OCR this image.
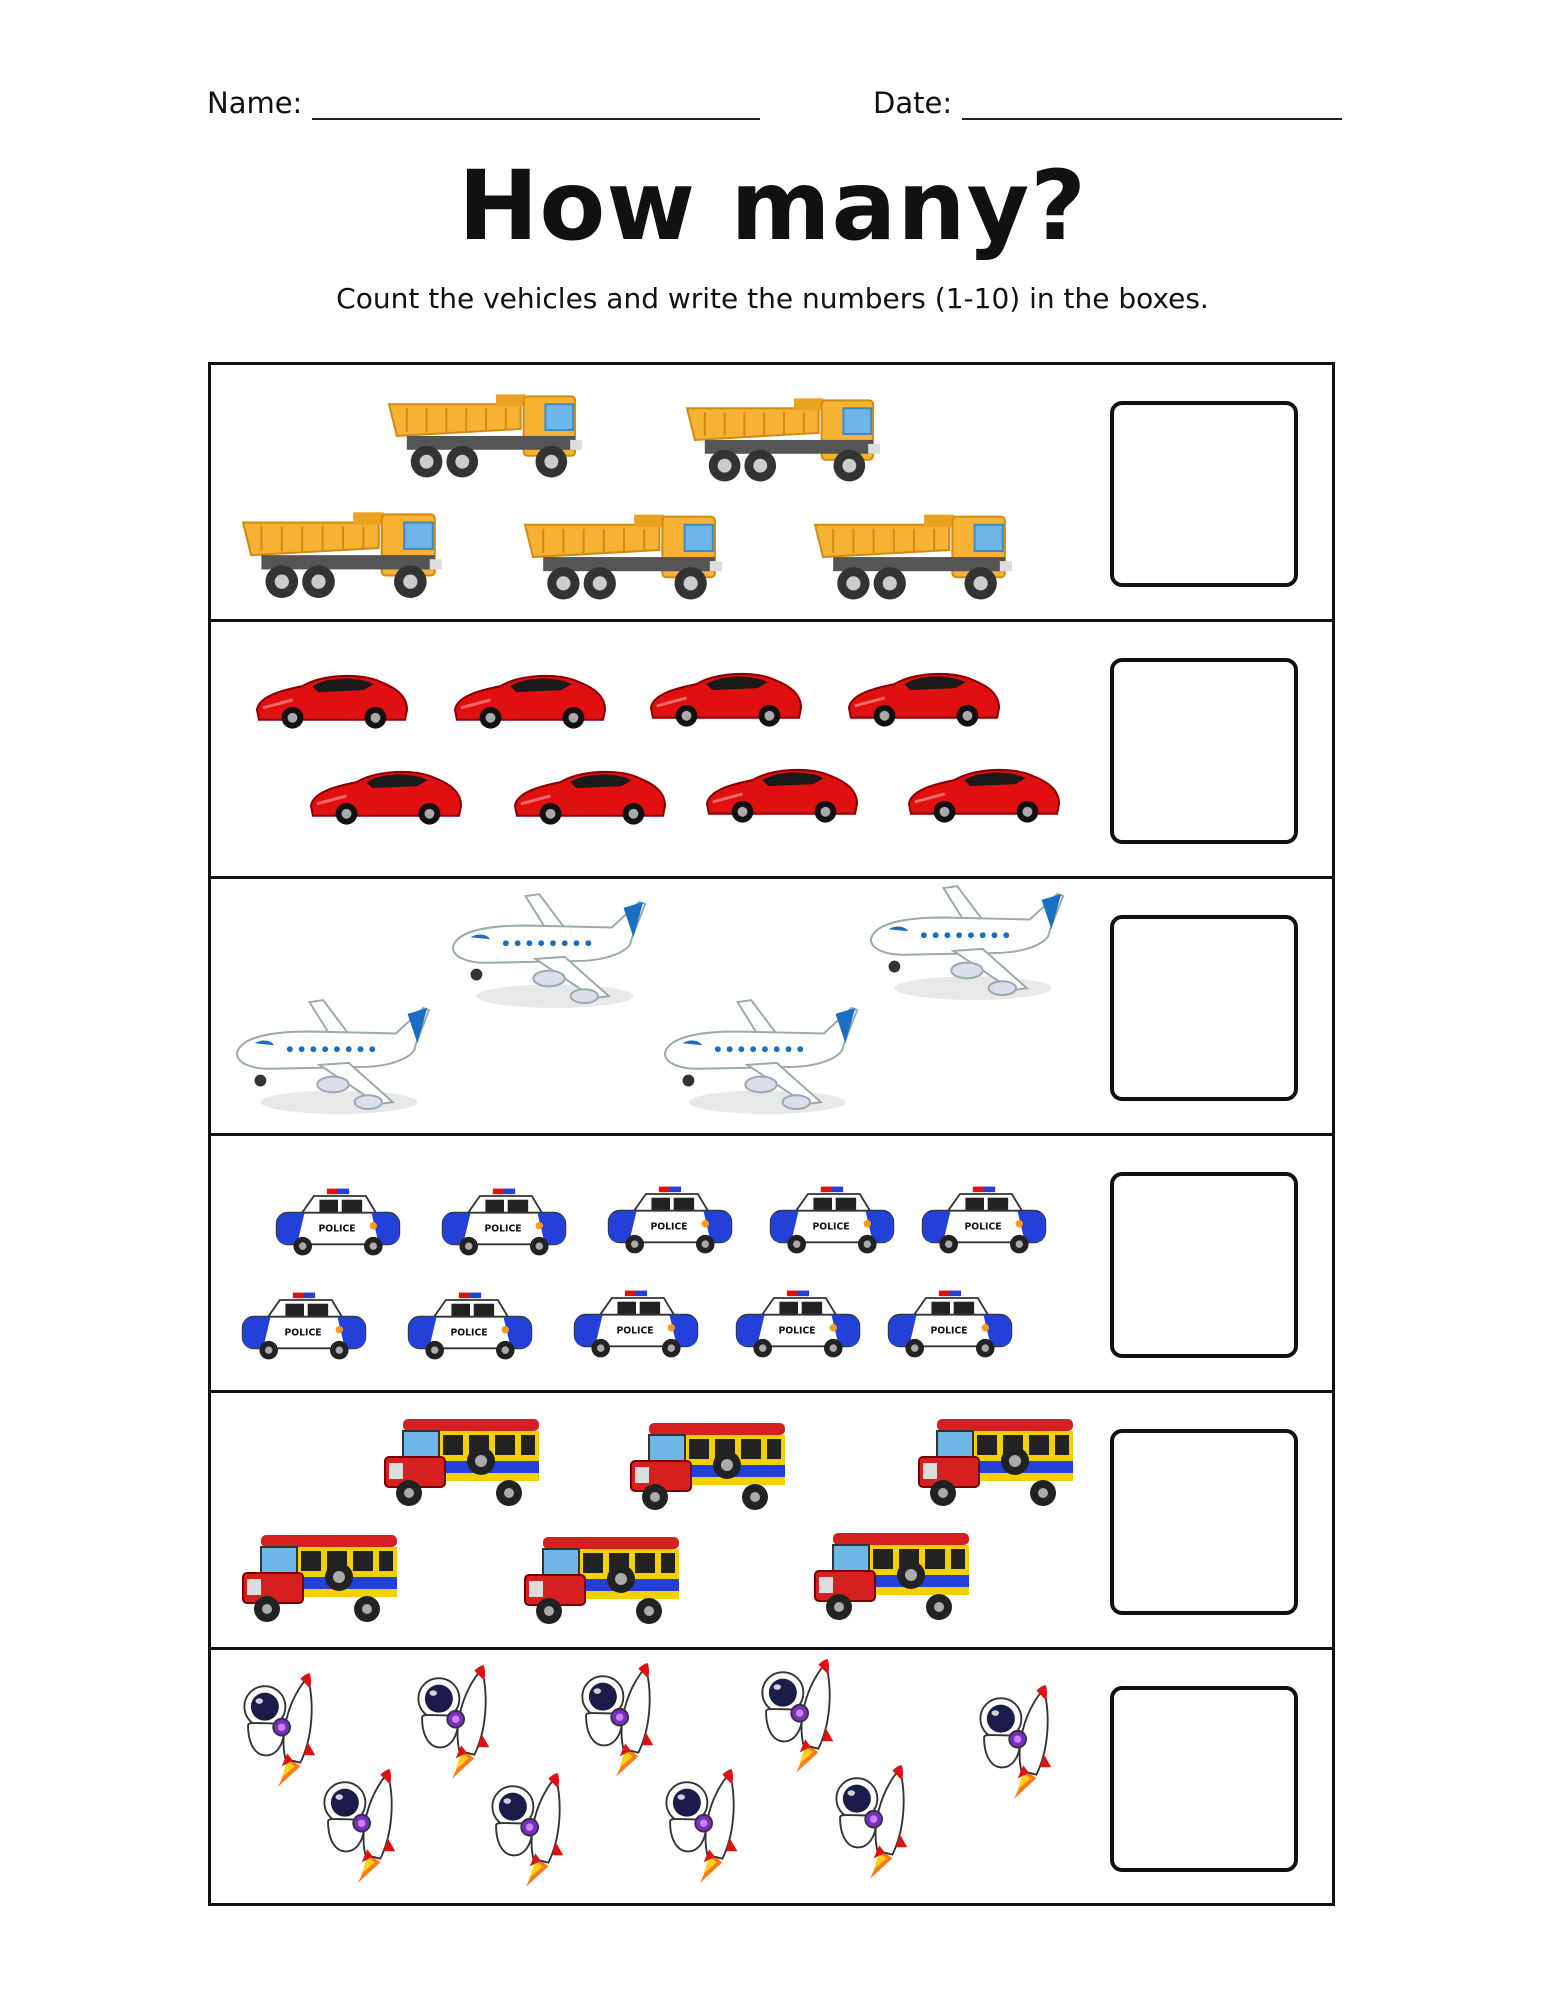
Name:	Date:
How many?
Count the vehicles and write the numbers (1-10) in the boxes.
